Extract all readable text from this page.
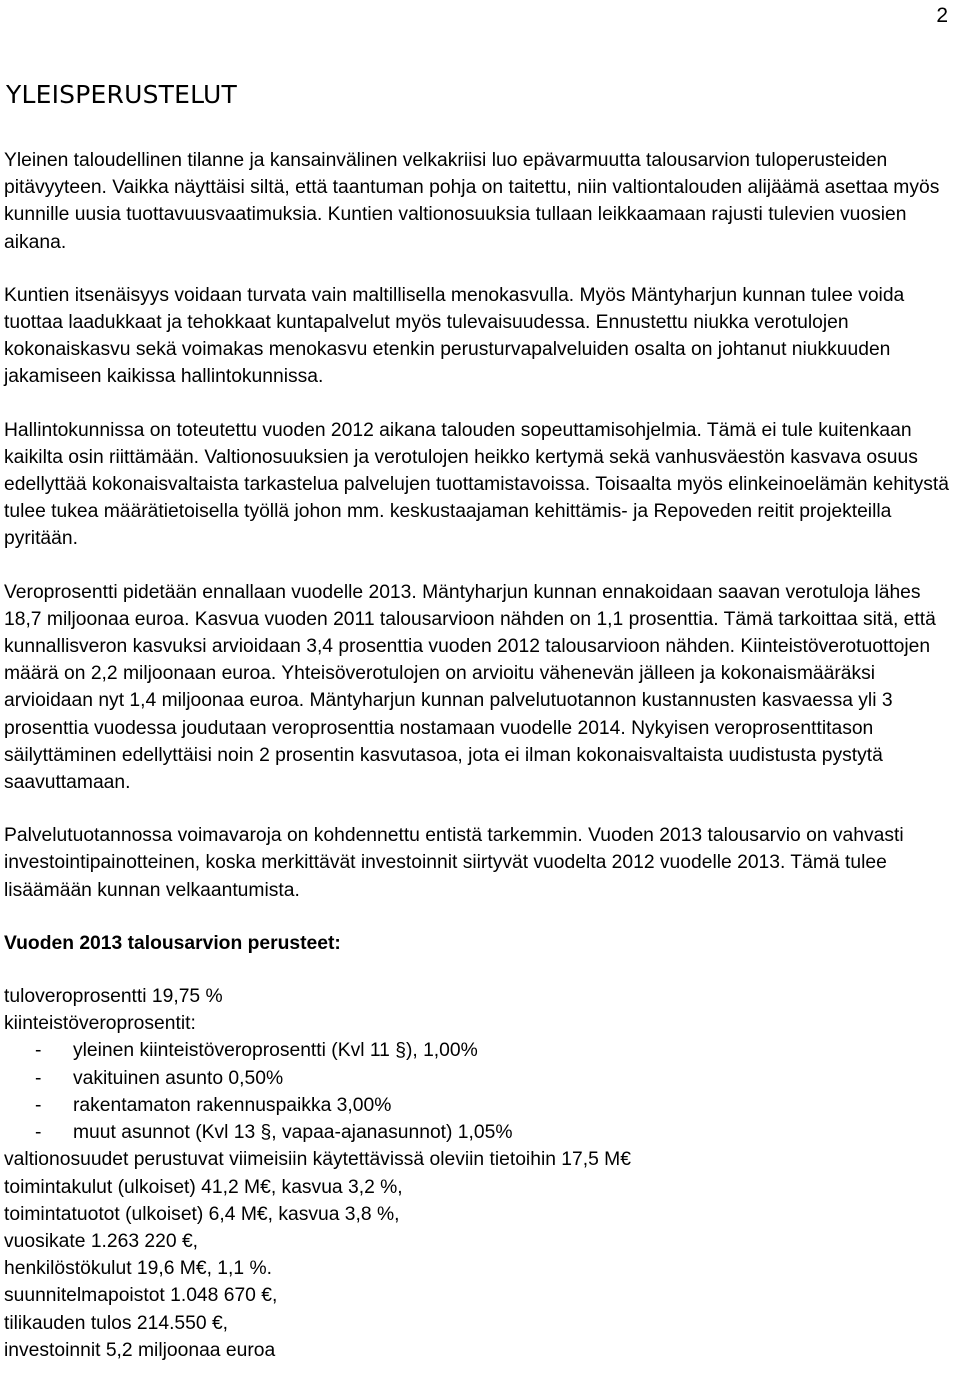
2
YLEISPERUSTELUT

Yleinen taloudellinen tilanne ja kansainvälinen velkakriisi luo epävarmuutta talousarvion tuloperusteiden pitävyyteen. Vaikka näyttäisi siltä, että taantuman pohja on taitettu, niin valtiontalouden alijäämä asettaa myös kunnille uusia tuottavuusvaatimuksia. Kuntien valtionosuuksia tullaan leikkaamaan rajusti tulevien vuosien aikana.

Kuntien itsenäisyys voidaan turvata vain maltillisella menokasvulla. Myös Mäntyharjun kunnan tulee voida tuottaa laadukkaat ja tehokkaat kuntapalvelut myös tulevaisuudessa. Ennustettu niukka verotulojen kokonaiskasvu sekä voimakas menokasvu etenkin perusturvapalveluiden osalta on johtanut niukkuuden jakamiseen kaikissa hallintokunnissa.

Hallintokunnissa on toteutettu vuoden 2012 aikana talouden sopeuttamisohjelmia. Tämä ei tule kuitenkaan kaikilta osin riittämään. Valtionosuuksien ja verotulojen heikko kertymä sekä vanhusväestön kasvava osuus edellyttää kokonaisvaltaista tarkastelua palvelujen tuottamistavoissa. Toisaalta myös elinkeinoelämän kehitystä tulee tukea määrätietoisella työllä johon mm. keskustaajaman kehittämis- ja Repoveden reitit projekteilla pyritään.

Veroprosentti pidetään ennallaan vuodelle 2013. Mäntyharjun kunnan ennakoidaan saavan verotuloja lähes 18,7 miljoonaa euroa. Kasvua vuoden 2011 talousarvioon nähden on 1,1 prosenttia. Tämä tarkoittaa sitä, että kunnallisveron kasvuksi arvioidaan 3,4 prosenttia vuoden 2012 talousarvioon nähden. Kiinteistöverotuottojen määrä on 2,2 miljoonaan euroa. Yhteisöverotulojen on arvioitu vähenevän jälleen ja kokonaismääräksi arvioidaan nyt 1,4 miljoonaa euroa. Mäntyharjun kunnan palvelutuotannon kustannusten kasvaessa yli 3 prosenttia vuodessa joudutaan veroprosenttia nostamaan vuodelle 2014. Nykyisen veroprosenttitason säilyttäminen edellyttäisi noin 2 prosentin kasvutasoa, jota ei ilman kokonaisvaltaista uudistusta pystytä saavuttamaan.

Palvelutuotannossa voimavaroja on kohdennettu entistä tarkemmin. Vuoden 2013 talousarvio on vahvasti investointipainotteinen, koska merkittävät investoinnit siirtyvät vuodelta 2012 vuodelle 2013. Tämä tulee lisäämään kunnan velkaantumista.

Vuoden 2013 talousarvion perusteet:
tuloveroprosentti 19,75 %
kiinteistöveroprosentit:
-	yleinen kiinteistöveroprosentti (Kvl 11 §), 1,00%
-	vakituinen asunto 0,50%
-	rakentamaton rakennuspaikka 3,00%
-	muut asunnot (Kvl 13 §, vapaa-ajanasunnot) 1,05%
valtionosuudet perustuvat viimeisiin käytettävissä oleviin tietoihin 17,5 M€
toimintakulut (ulkoiset) 41,2 M€, kasvua 3,2 %,
toimintatuotot (ulkoiset) 6,4 M€, kasvua 3,8 %,
vuosikate 1.263 220 €,
henkilöstökulut 19,6 M€, 1,1 %.
suunnitelmapoistot 1.048 670 €,
tilikauden tulos 214.550 €,
investoinnit 5,2 miljoonaa euroa
